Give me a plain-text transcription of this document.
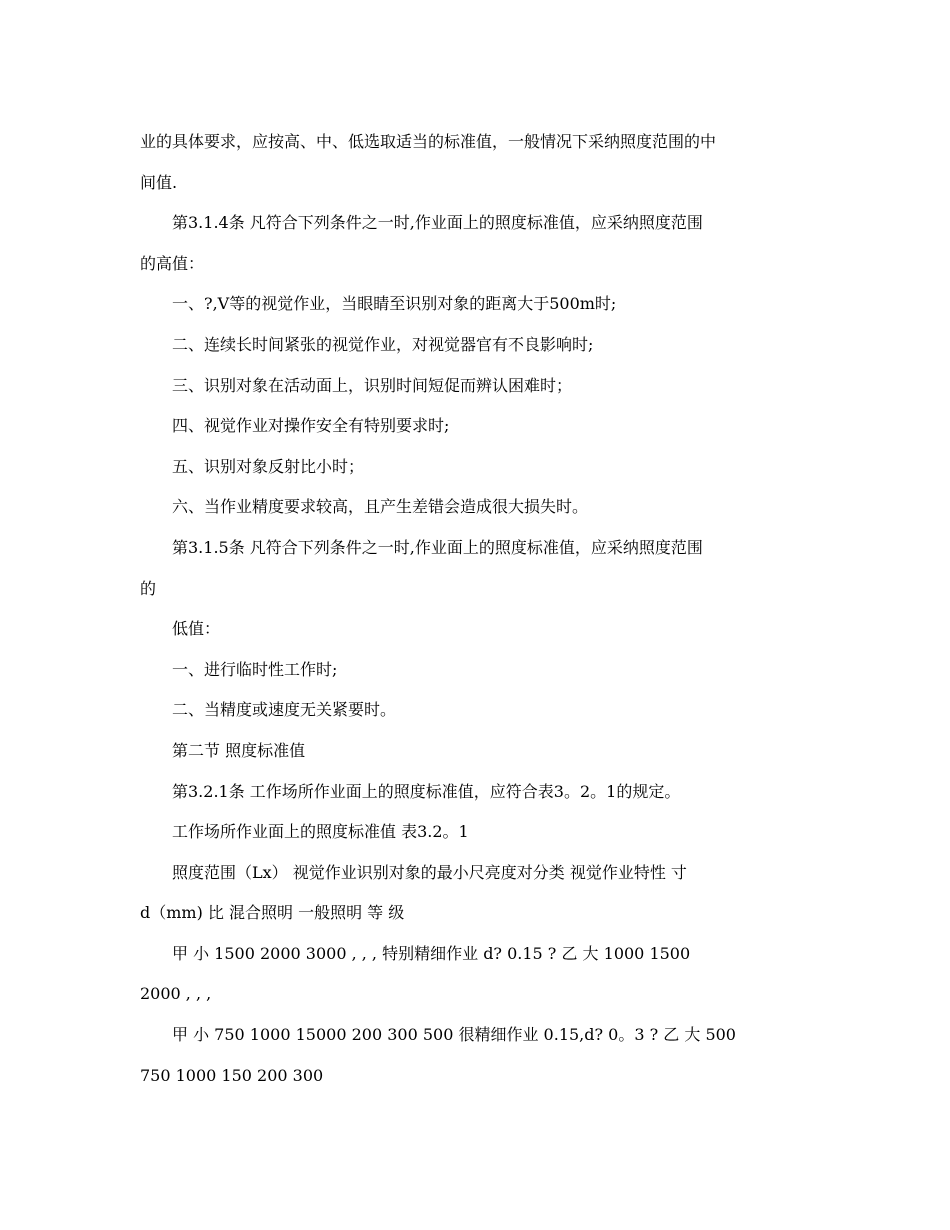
业的具体要求，应按高、中、低选取适当的标准值，一般情况下采纳照度范围的中
间值.
第3.1.4条 凡符合下列条件之一时,作业面上的照度标准值，应采纳照度范围
的高值：
一、?,V等的视觉作业，当眼睛至识别对象的距离大于500m时;
二、连续长时间紧张的视觉作业，对视觉器官有不良影响时;
三、识别对象在活动面上，识别时间短促而辨认困难时；
四、视觉作业对操作安全有特别要求时;
五、识别对象反射比小时；
六、当作业精度要求较高，且产生差错会造成很大损失时。
第3.1.5条 凡符合下列条件之一时,作业面上的照度标准值，应采纳照度范围
的
低值：
一、进行临时性工作时;
二、当精度或速度无关紧要时。
第二节 照度标准值
第3.2.1条 工作场所作业面上的照度标准值，应符合表3。2。1的规定。
工作场所作业面上的照度标准值 表3.2。1
照度范围（Lx） 视觉作业识别对象的最小尺亮度对分类 视觉作业特性 寸
d（mm) 比 混合照明 一般照明 等 级
甲 小 1500 2000 3000 , , , 特别精细作业 d? 0.15 ? 乙 大 1000 1500
2000 , , ,
甲 小 750 1000 15000 200 300 500 很精细作业 0.15,d? 0。3 ? 乙 大 500
750 1000 150 200 300
